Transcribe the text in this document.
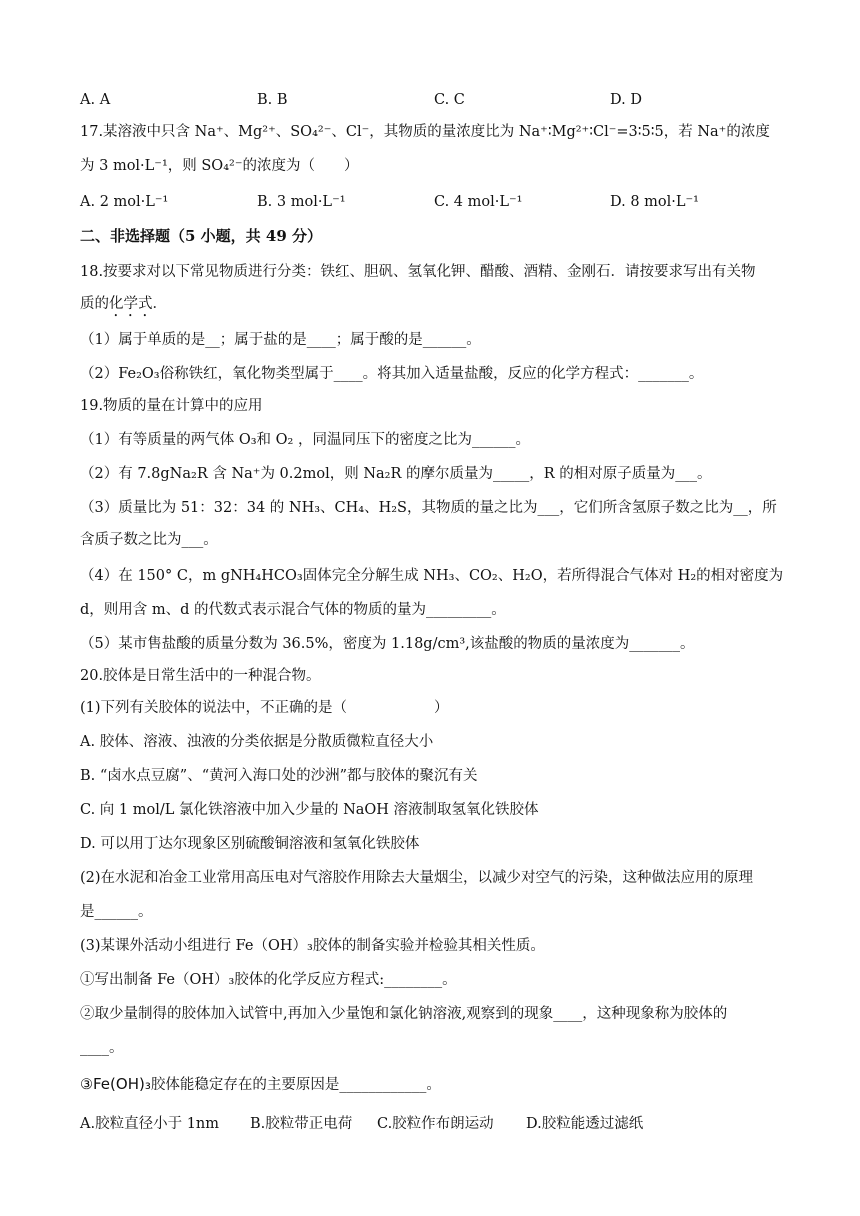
A. A	B. B	C. C	D. D
17.某溶液中只含 Na⁺、Mg²⁺、SO₄²⁻、Cl⁻，其物质的量浓度比为 Na⁺∶Mg²⁺∶Cl⁻=3∶5∶5，若 Na⁺的浓度
为 3 mol·L⁻¹，则 SO₄²⁻的浓度为（　　）
A. 2 mol·L⁻¹	B. 3 mol·L⁻¹	C. 4 mol·L⁻¹	D. 8 mol·L⁻¹
二、非选择题（5 小题，共 49 分）
18.按要求对以下常见物质进行分类：铁红、胆矾、氢氧化钾、醋酸、酒精、金刚石．请按要求写出有关物
质的化学式．
（1）属于单质的是__；属于盐的是____；属于酸的是______。
（2）Fe₂O₃俗称铁红，氧化物类型属于____。将其加入适量盐酸，反应的化学方程式：_______。
19.物质的量在计算中的应用
（1）有等质量的两气体 O₃和 O₂ ，同温同压下的密度之比为______。
（2）有 7.8gNa₂R 含 Na⁺为 0.2mol，则 Na₂R 的摩尔质量为_____，R 的相对原子质量为___。
（3）质量比为 51：32：34 的 NH₃、CH₄、H₂S，其物质的量之比为___，它们所含氢原子数之比为__，所
含质子数之比为___。
（4）在 150° C，m gNH₄HCO₃固体完全分解生成 NH₃、CO₂、H₂O，若所得混合气体对 H₂的相对密度为
d，则用含 m、d 的代数式表示混合气体的物质的量为_________。
（5）某市售盐酸的质量分数为 36.5%，密度为 1.18g/cm³,该盐酸的物质的量浓度为_______。
20.胶体是日常生活中的一种混合物。
(1)下列有关胶体的说法中，不正确的是（　　　　　　）
A. 胶体、溶液、浊液的分类依据是分散质微粒直径大小
B. “卤水点豆腐”、“黄河入海口处的沙洲”都与胶体的聚沉有关
C. 向 1 mol/L 氯化铁溶液中加入少量的 NaOH 溶液制取氢氧化铁胶体
D. 可以用丁达尔现象区别硫酸铜溶液和氢氧化铁胶体
(2)在水泥和冶金工业常用高压电对气溶胶作用除去大量烟尘，以减少对空气的污染，这种做法应用的原理
是______。
(3)某课外活动小组进行 Fe（OH）₃胶体的制备实验并检验其相关性质。
①写出制备 Fe（OH）₃胶体的化学反应方程式:________。
②取少量制得的胶体加入试管中,再加入少量饱和氯化钠溶液,观察到的现象____，这种现象称为胶体的
____。
③Fe(OH)₃胶体能稳定存在的主要原因是____________。
A.胶粒直径小于 1nm B.胶粒带正电荷 C.胶粒作布朗运动 D.胶粒能透过滤纸
